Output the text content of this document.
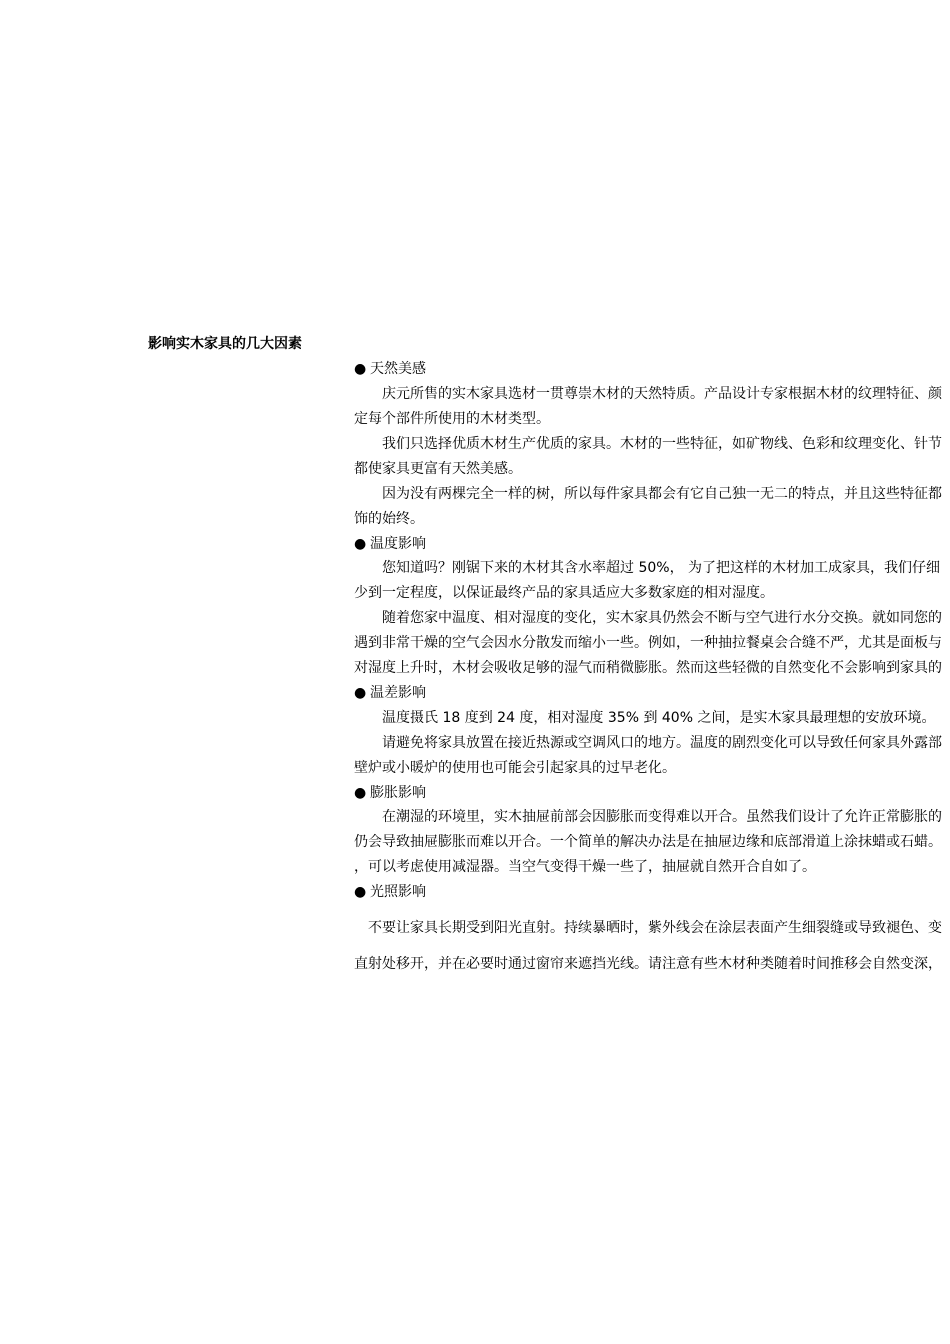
影响实木家具的几大因素
● 天然美感
　　庆元所售的实木家具选材一贯尊崇木材的天然特质。产品设计专家根据木材的纹理特征、颜
定每个部件所使用的木材类型。
　　我们只选择优质木材生产优质的家具。木材的一些特征，如矿物线、色彩和纹理变化、针节
都使家具更富有天然美感。
　　因为没有两棵完全一样的树，所以每件家具都会有它自己独一无二的特点，并且这些特征都
饰的始终。
● 温度影响
　　您知道吗？刚锯下来的木材其含水率超过 50%， 为了把这样的木材加工成家具，我们仔细
少到一定程度，以保证最终产品的家具适应大多数家庭的相对湿度。
　　随着您家中温度、相对湿度的变化，实木家具仍然会不断与空气进行水分交换。就如同您的
遇到非常干燥的空气会因水分散发而缩小一些。例如，一种抽拉餐桌会合缝不严，尤其是面板与
对湿度上升时，木材会吸收足够的湿气而稍微膨胀。然而这些轻微的自然变化不会影响到家具的
● 温差影响
　　温度摄氏 18 度到 24 度，相对湿度 35% 到 40% 之间，是实木家具最理想的安放环境。
　　请避免将家具放置在接近热源或空调风口的地方。温度的剧烈变化可以导致任何家具外露部
壁炉或小暖炉的使用也可能会引起家具的过早老化。
● 膨胀影响
　　在潮湿的环境里，实木抽屉前部会因膨胀而变得难以开合。虽然我们设计了允许正常膨胀的
仍会导致抽屉膨胀而难以开合。一个简单的解决办法是在抽屉边缘和底部滑道上涂抹蜡或石蜡。
，可以考虑使用减湿器。当空气变得干燥一些了，抽屉就自然开合自如了。
● 光照影响
　不要让家具长期受到阳光直射。持续暴晒时，紫外线会在涂层表面产生细裂缝或导致褪色、变
直射处移开，并在必要时通过窗帘来遮挡光线。请注意有些木材种类随着时间推移会自然变深，
